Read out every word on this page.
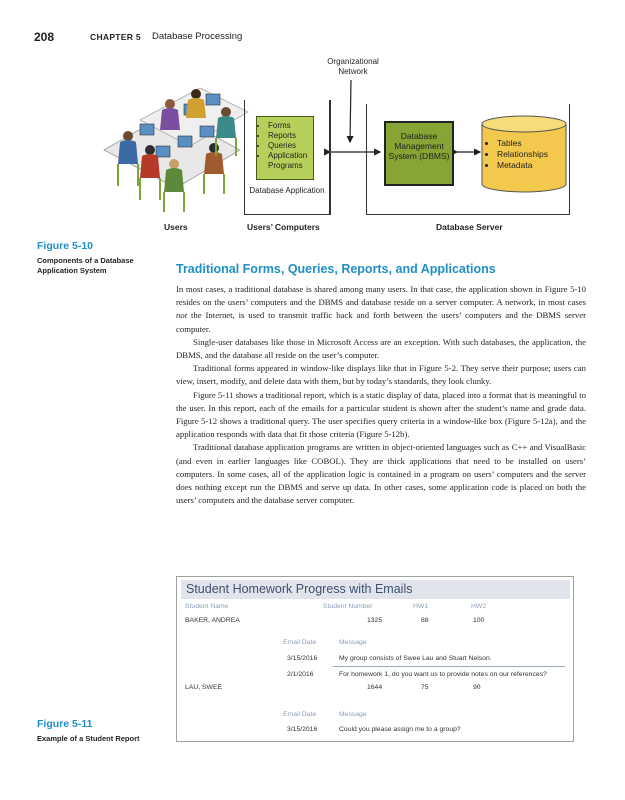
208	CHAPTER 5 Database Processing
Organizational Network
• Forms
• Reports
• Queries
• Application Programs
Database Application
Database Management System (DBMS)
• Tables
• Relationships
• Metadata
Users	Users’ Computers	Database Server
Figure 5-10
Components of a Database Application System	Traditional Forms, Queries, Reports, and Applications

In most cases, a traditional database is shared among many users. In that case, the application shown in Figure 5-10 resides on the users’ computers and the DBMS and database reside on a server computer. A network, in most cases not the Internet, is used to transmit traffic back and forth between the users’ computers and the DBMS server computer.

Single-user databases like those in Microsoft Access are an exception. With such databases, the application, the DBMS, and the database all reside on the user’s computer.

Traditional forms appeared in window-like displays like that in Figure 5-2. They serve their purpose; users can view, insert, modify, and delete data with them, but by today’s standards, they look clunky.

Figure 5-11 shows a traditional report, which is a static display of data, placed into a format that is meaningful to the user. In this report, each of the emails for a particular student is shown after the student’s name and grade data. Figure 5-12 shows a traditional query. The user specifies query criteria in a window-like box (Figure 5-12a), and the application responds with data that fit those criteria (Figure 5-12b).

Traditional database application programs are written in object-oriented languages such as C++ and VisualBasic (and even in earlier languages like COBOL). They are thick applications that need to be installed on users’ computers. In some cases, all of the application logic is contained in a program on users’ computers and the server does nothing except run the DBMS and serve up data. In other cases, some application code is placed on both the users’ computers and the database server computer.

Student Homework Progress with Emails
Student Name	Student Number	HW1	HW2
BAKER, ANDREA	1325	88	100
Email Date	Message
3/15/2016	My group consists of Swee Lau and Stuart Nelson.
2/1/2016	For homework 1, do you want us to provide notes on our references?
LAU, SWEE	1644	75	90
Email Date	Message
3/15/2016	Could you please assign me to a group?
Figure 5-11
Example of a Student Report
